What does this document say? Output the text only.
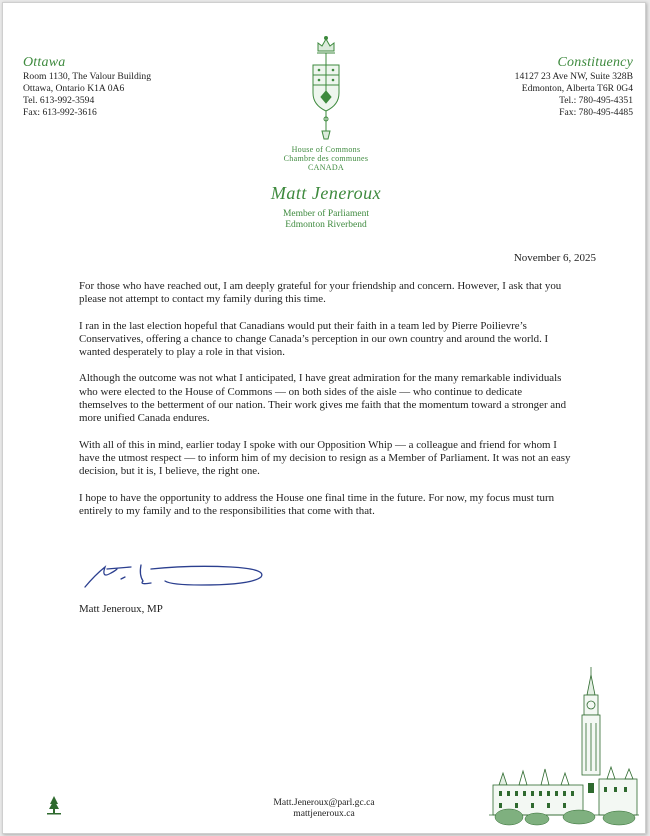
Ottawa
Room 1130, The Valour Building
Ottawa, Ontario K1A 0A6
Tel. 613-992-3594
Fax: 613-992-3616
Constituency
14127 23 Ave NW, Suite 328B
Edmonton, Alberta T6R 0G4
Tel.: 780-495-4351
Fax: 780-495-4485
House of Commons
Chambre des communes
CANADA
Matt Jeneroux
Member of Parliament
Edmonton Riverbend
November 6, 2025

For those who have reached out, I am deeply grateful for your friendship and concern. However, I ask that you please not attempt to contact my family during this time.

I ran in the last election hopeful that Canadians would put their faith in a team led by Pierre Poilievre’s Conservatives, offering a chance to change Canada’s perception in our own country and around the world. I wanted desperately to play a role in that vision.

Although the outcome was not what I anticipated, I have great admiration for the many remarkable individuals who were elected to the House of Commons — on both sides of the aisle — who continue to dedicate themselves to the betterment of our nation. Their work gives me faith that the momentum toward a stronger and more unified Canada endures.

With all of this in mind, earlier today I spoke with our Opposition Whip — a colleague and friend for whom I have the utmost respect — to inform him of my decision to resign as a Member of Parliament. It was not an easy decision, but it is, I believe, the right one.

I hope to have the opportunity to address the House one final time in the future. For now, my focus must turn entirely to my family and to the responsibilities that come with that.

Matt Jeneroux, MP
Matt.Jeneroux@parl.gc.ca
mattjeneroux.ca
